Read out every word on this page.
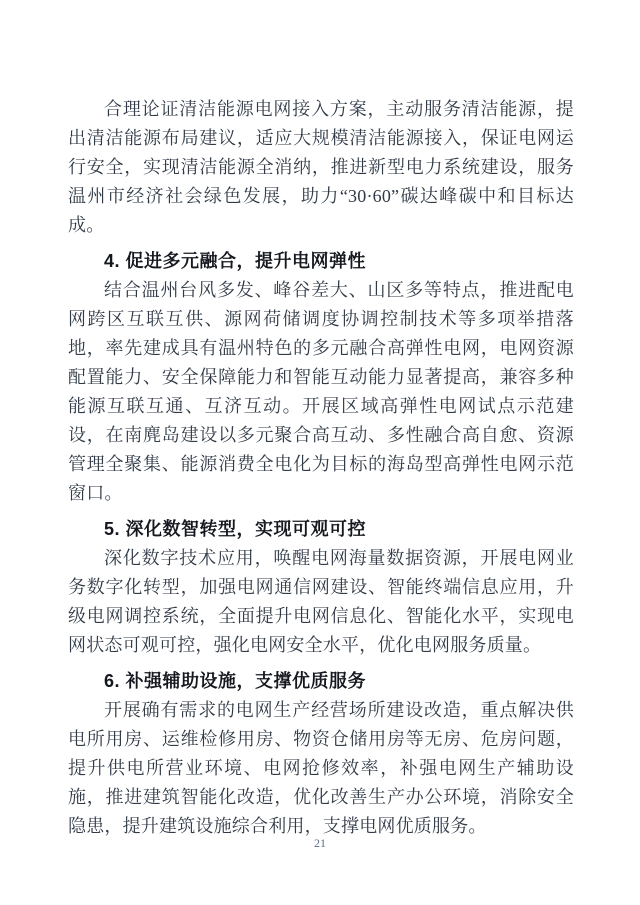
合理论证清洁能源电网接入方案，主动服务清洁能源，提出清洁能源布局建议，适应大规模清洁能源接入，保证电网运行安全，实现清洁能源全消纳，推进新型电力系统建设，服务温州市经济社会绿色发展，助力“30·60”碳达峰碳中和目标达成。

4. 促进多元融合，提升电网弹性

结合温州台风多发、峰谷差大、山区多等特点，推进配电网跨区互联互供、源网荷储调度协调控制技术等多项举措落地，率先建成具有温州特色的多元融合高弹性电网，电网资源配置能力、安全保障能力和智能互动能力显著提高，兼容多种能源互联互通、互济互动。开展区域高弹性电网试点示范建设，在南麂岛建设以多元聚合高互动、多性融合高自愈、资源管理全聚集、能源消费全电化为目标的海岛型高弹性电网示范窗口。

5. 深化数智转型，实现可观可控

深化数字技术应用，唤醒电网海量数据资源，开展电网业务数字化转型，加强电网通信网建设、智能终端信息应用，升级电网调控系统，全面提升电网信息化、智能化水平，实现电网状态可观可控，强化电网安全水平，优化电网服务质量。

6. 补强辅助设施，支撑优质服务

开展确有需求的电网生产经营场所建设改造，重点解决供电所用房、运维检修用房、物资仓储用房等无房、危房问题，提升供电所营业环境、电网抢修效率，补强电网生产辅助设施，推进建筑智能化改造，优化改善生产办公环境，消除安全隐患，提升建筑设施综合利用，支撑电网优质服务。

21
